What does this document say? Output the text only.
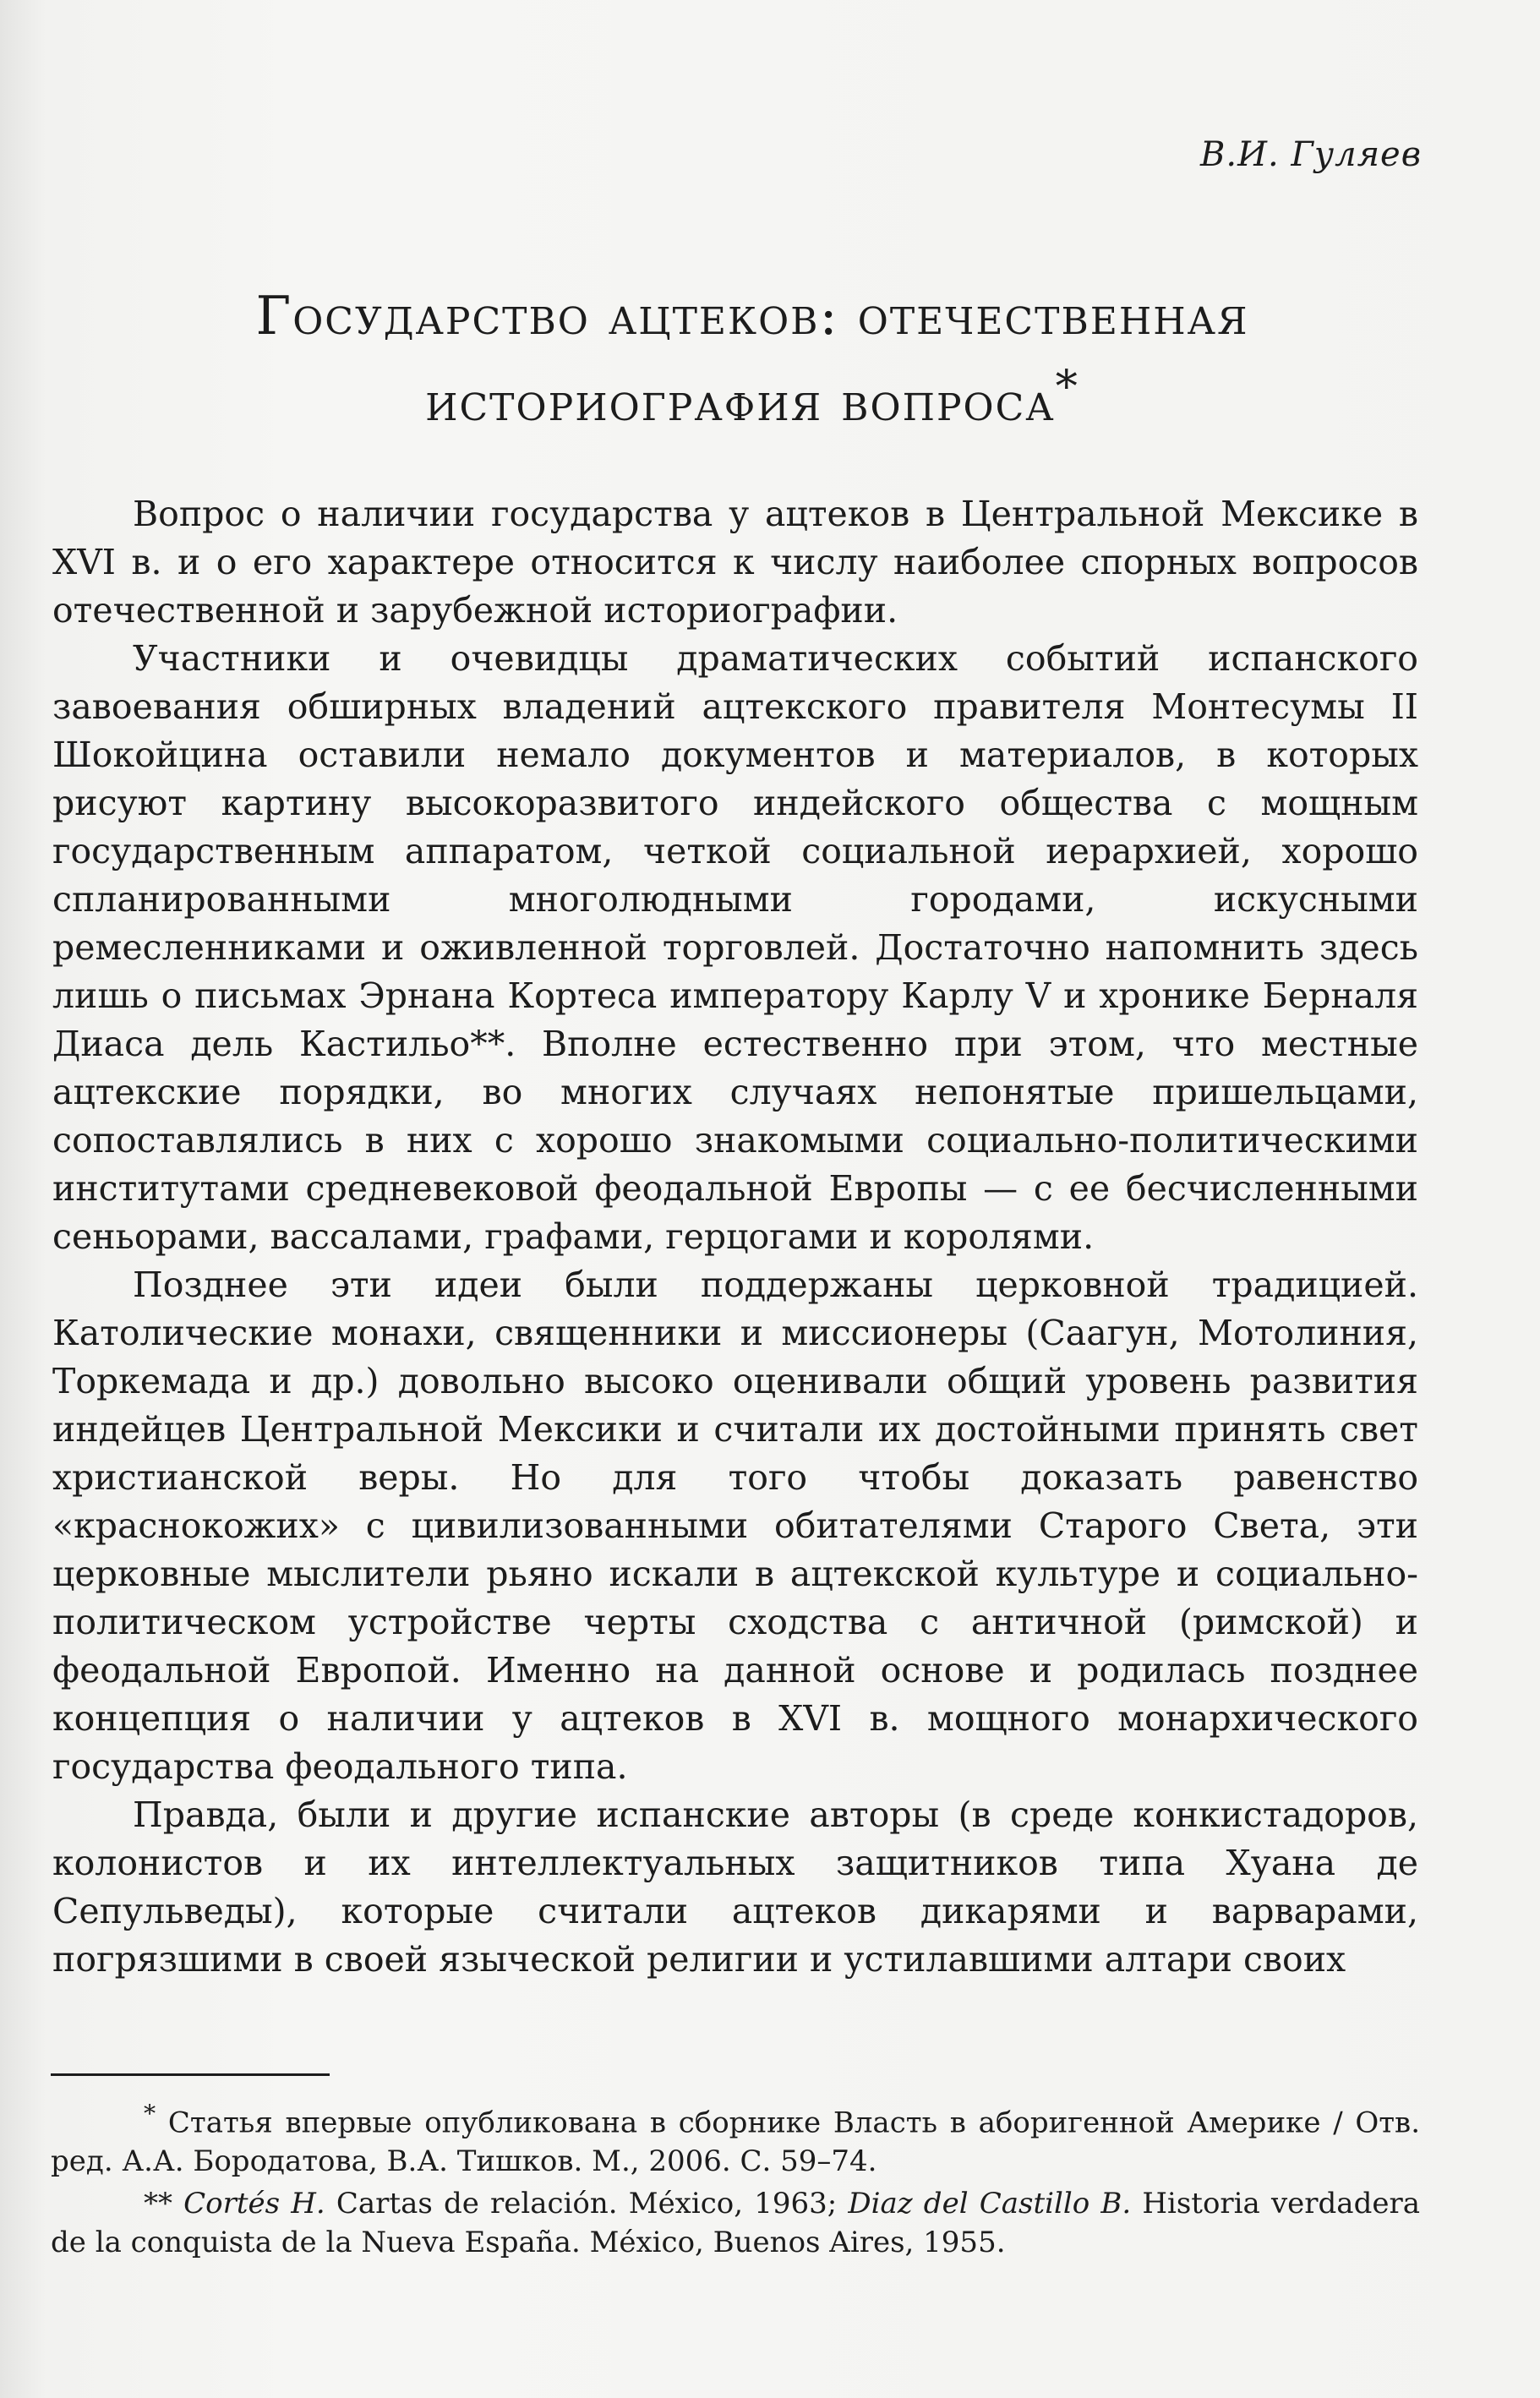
В.И. Гуляев
Государство ацтеков: отечественная
историография вопроса*

Вопрос о наличии государства у ацтеков в Центральной Мексике в XVI в. и о его характере относится к числу наиболее спорных вопросов отечественной и зарубежной историографии.

Участники и очевидцы драматических событий испанского завоевания обширных владений ацтекского правителя Монтесумы II Шокойцина оставили немало документов и материалов, в которых рисуют картину высокоразвитого индейского общества с мощным государственным аппаратом, четкой социальной иерархией, хорошо спланированными многолюдными городами, искусными ремесленниками и оживленной торговлей. Достаточно напомнить здесь лишь о письмах Эрнана Кортеса императору Карлу V и хронике Берналя Диаса дель Кастильо**. Вполне естественно при этом, что местные ацтекские порядки, во многих случаях непонятые пришельцами, сопоставлялись в них с хорошо знакомыми социально-политическими институтами средневековой феодальной Европы — с ее бесчисленными сеньорами, вассалами, графами, герцогами и королями.

Позднее эти идеи были поддержаны церковной традицией. Католические монахи, священники и миссионеры (Саагун, Мотолиния, Торкемада и др.) довольно высоко оценивали общий уровень развития индейцев Центральной Мексики и считали их достойными принять свет христианской веры. Но для того чтобы доказать равенство «краснокожих» с цивилизованными обитателями Старого Света, эти церковные мыслители рьяно искали в ацтекской культуре и социально-политическом устройстве черты сходства с античной (римской) и феодальной Европой. Именно на данной основе и родилась позднее концепция о наличии у ацтеков в XVI в. мощного монархического государства феодального типа.

Правда, были и другие испанские авторы (в среде конкистадоров, колонистов и их интеллектуальных защитников типа Хуана де Сепульведы), которые считали ацтеков дикарями и варварами, погрязшими в своей языческой религии и устилавшими алтари своих

* Статья впервые опубликована в сборнике Власть в аборигенной Америке / Отв. ред. А.А. Бородатова, В.А. Тишков. М., 2006. С. 59–74.

** Cortés H. Cartas de relación. México, 1963; Diaz del Castillo B. Historia verdadera de la conquista de la Nueva España. México, Buenos Aires, 1955.
